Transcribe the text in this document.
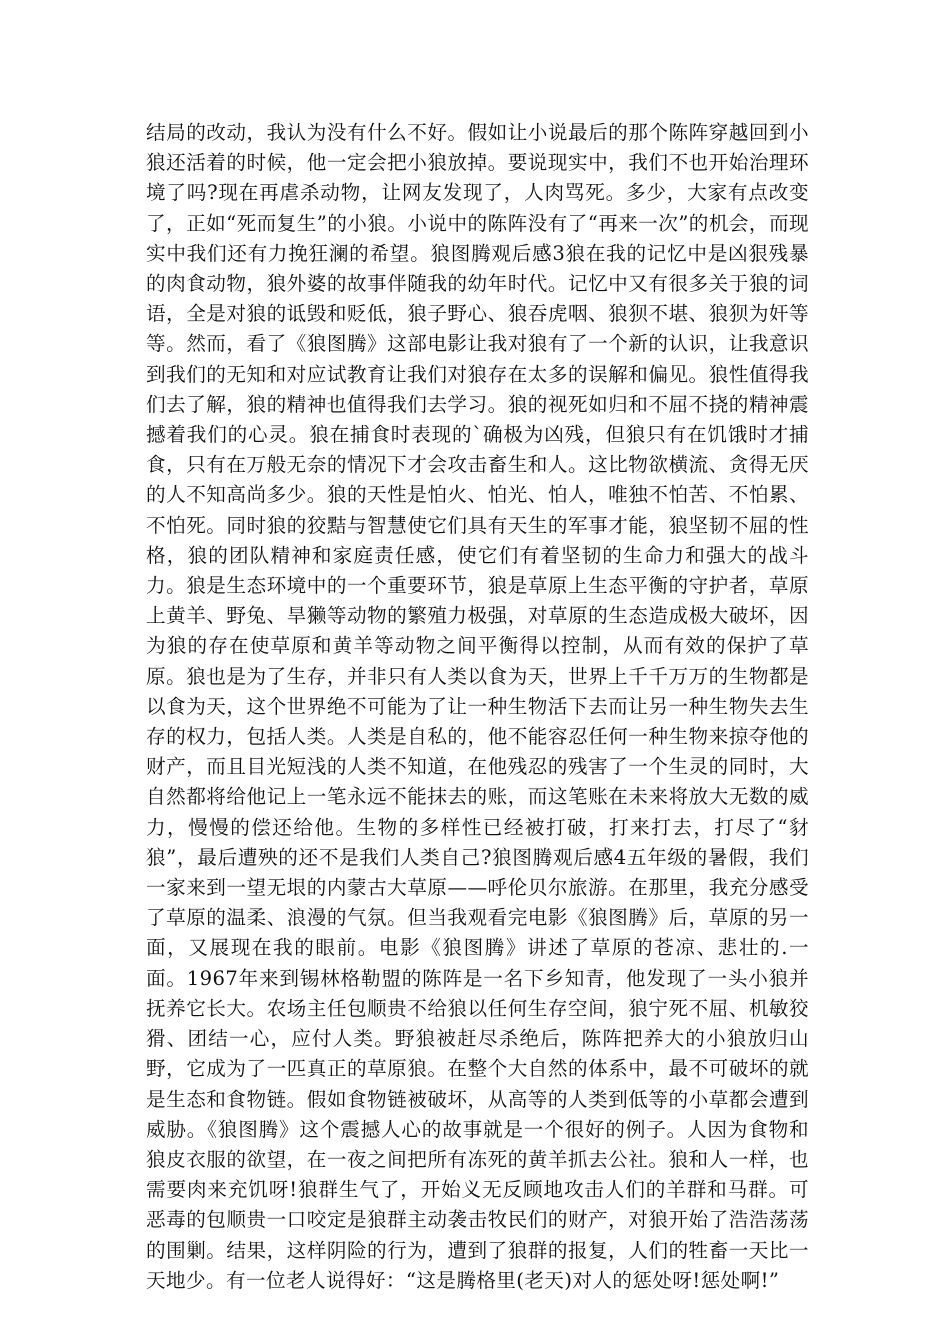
结局的改动，我认为没有什么不好。假如让小说最后的那个陈阵穿越回到小狼还活着的时候，他一定会把小狼放掉。要说现实中，我们不也开始治理环境了吗?现在再虐杀动物，让网友发现了，人肉骂死。多少，大家有点改变了，正如“死而复生”的小狼。小说中的陈阵没有了“再来一次”的机会，而现实中我们还有力挽狂澜的希望。狼图腾观后感3狼在我的记忆中是凶狠残暴的肉食动物，狼外婆的故事伴随我的幼年时代。记忆中又有很多关于狼的词语，全是对狼的诋毁和贬低，狼子野心、狼吞虎咽、狼狈不堪、狼狈为奸等等。然而，看了《狼图腾》这部电影让我对狼有了一个新的认识，让我意识到我们的无知和对应试教育让我们对狼存在太多的误解和偏见。狼性值得我们去了解，狼的精神也值得我们去学习。狼的视死如归和不屈不挠的精神震撼着我们的心灵。狼在捕食时表现的`确极为凶残，但狼只有在饥饿时才捕食，只有在万般无奈的情况下才会攻击畜生和人。这比物欲横流、贪得无厌的人不知高尚多少。狼的天性是怕火、怕光、怕人，唯独不怕苦、不怕累、不怕死。同时狼的狡黠与智慧使它们具有天生的军事才能，狼坚韧不屈的性格，狼的团队精神和家庭责任感，使它们有着坚韧的生命力和强大的战斗力。狼是生态环境中的一个重要环节，狼是草原上生态平衡的守护者，草原上黄羊、野兔、旱獭等动物的繁殖力极强，对草原的生态造成极大破坏，因为狼的存在使草原和黄羊等动物之间平衡得以控制，从而有效的保护了草原。狼也是为了生存，并非只有人类以食为天，世界上千千万万的生物都是以食为天，这个世界绝不可能为了让一种生物活下去而让另一种生物失去生存的权力，包括人类。人类是自私的，他不能容忍任何一种生物来掠夺他的财产，而且目光短浅的人类不知道，在他残忍的残害了一个生灵的同时，大自然都将给他记上一笔永远不能抹去的账，而这笔账在未来将放大无数的威力，慢慢的偿还给他。生物的多样性已经被打破，打来打去，打尽了“豺狼”，最后遭殃的还不是我们人类自己?狼图腾观后感4五年级的暑假，我们一家来到一望无垠的内蒙古大草原——呼伦贝尔旅游。在那里，我充分感受了草原的温柔、浪漫的气氛。但当我观看完电影《狼图腾》后，草原的另一面，又展现在我的眼前。电影《狼图腾》讲述了草原的苍凉、悲壮的.一面。1967年来到锡林格勒盟的陈阵是一名下乡知青，他发现了一头小狼并抚养它长大。农场主任包顺贵不给狼以任何生存空间，狼宁死不屈、机敏狡猾、团结一心，应付人类。野狼被赶尽杀绝后，陈阵把养大的小狼放归山野，它成为了一匹真正的草原狼。在整个大自然的体系中，最不可破坏的就是生态和食物链。假如食物链被破坏，从高等的人类到低等的小草都会遭到威胁。《狼图腾》这个震撼人心的故事就是一个很好的例子。人因为食物和狼皮衣服的欲望，在一夜之间把所有冻死的黄羊抓去公社。狼和人一样，也需要肉来充饥呀!狼群生气了，开始义无反顾地攻击人们的羊群和马群。可恶毒的包顺贵一口咬定是狼群主动袭击牧民们的财产，对狼开始了浩浩荡荡的围剿。结果，这样阴险的行为，遭到了狼群的报复，人们的牲畜一天比一天地少。有一位老人说得好：“这是腾格里(老天)对人的惩处呀!惩处啊!”
